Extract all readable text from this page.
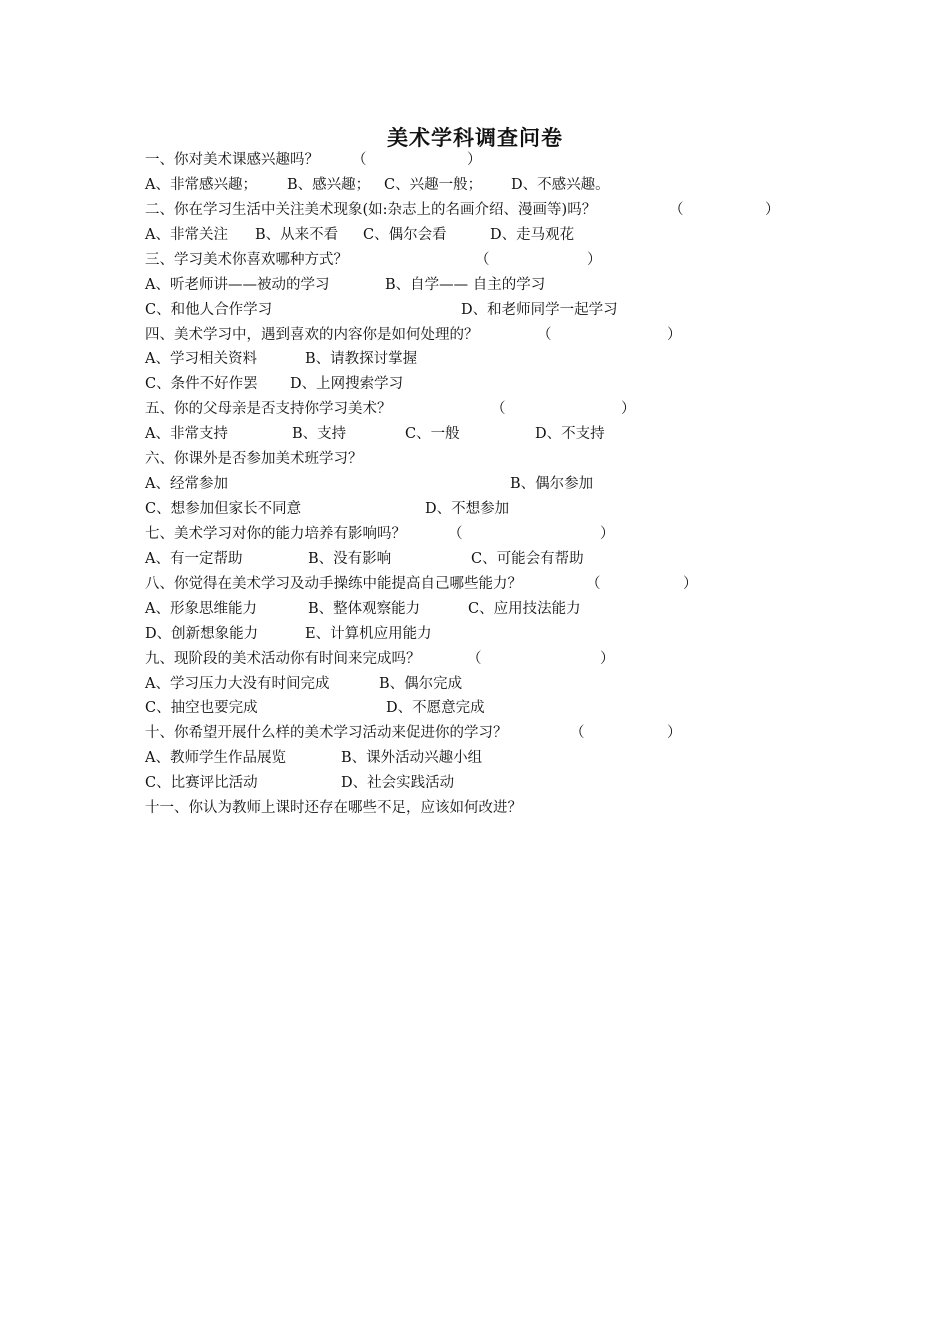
美术学科调查问卷
一、你对美术课感兴趣吗？ （	）
A、非常感兴趣； B、感兴趣； C、兴趣一般； D、不感兴趣。
二、你在学习生活中关注美术现象(如:杂志上的名画介绍、漫画等)吗？	（	）
A、非常关注 B、从来不看 C、偶尔会看	D、走马观花
三、学习美术你喜欢哪种方式？	（	）
A、听老师讲——被动的学习	B、自学—— 自主的学习
C、和他人合作学习	D、和老师同学一起学习
四、美术学习中，遇到喜欢的内容你是如何处理的？	（	）
A、学习相关资料	B、请教探讨掌握
C、条件不好作罢 D、上网搜索学习
五、你的父母亲是否支持你学习美术？	（	）
A、非常支持	B、支持	C、一般	D、不支持
六、你课外是否参加美术班学习？
A、经常参加	B、偶尔参加
C、想参加但家长不同意	D、不想参加
七、美术学习对你的能力培养有影响吗？	（	）
A、有一定帮助	B、没有影响	C、可能会有帮助
八、你觉得在美术学习及动手操练中能提高自己哪些能力？	（	）
A、形象思维能力	B、整体观察能力	C、应用技法能力
D、创新想象能力	E、计算机应用能力
九、现阶段的美术活动你有时间来完成吗？	（	）
A、学习压力大没有时间完成	B、偶尔完成
C、抽空也要完成	D、不愿意完成
十、你希望开展什么样的美术学习活动来促进你的学习？	（	）
A、教师学生作品展览	B、课外活动兴趣小组
C、比赛评比活动	D、社会实践活动
十一、你认为教师上课时还存在哪些不足，应该如何改进？
